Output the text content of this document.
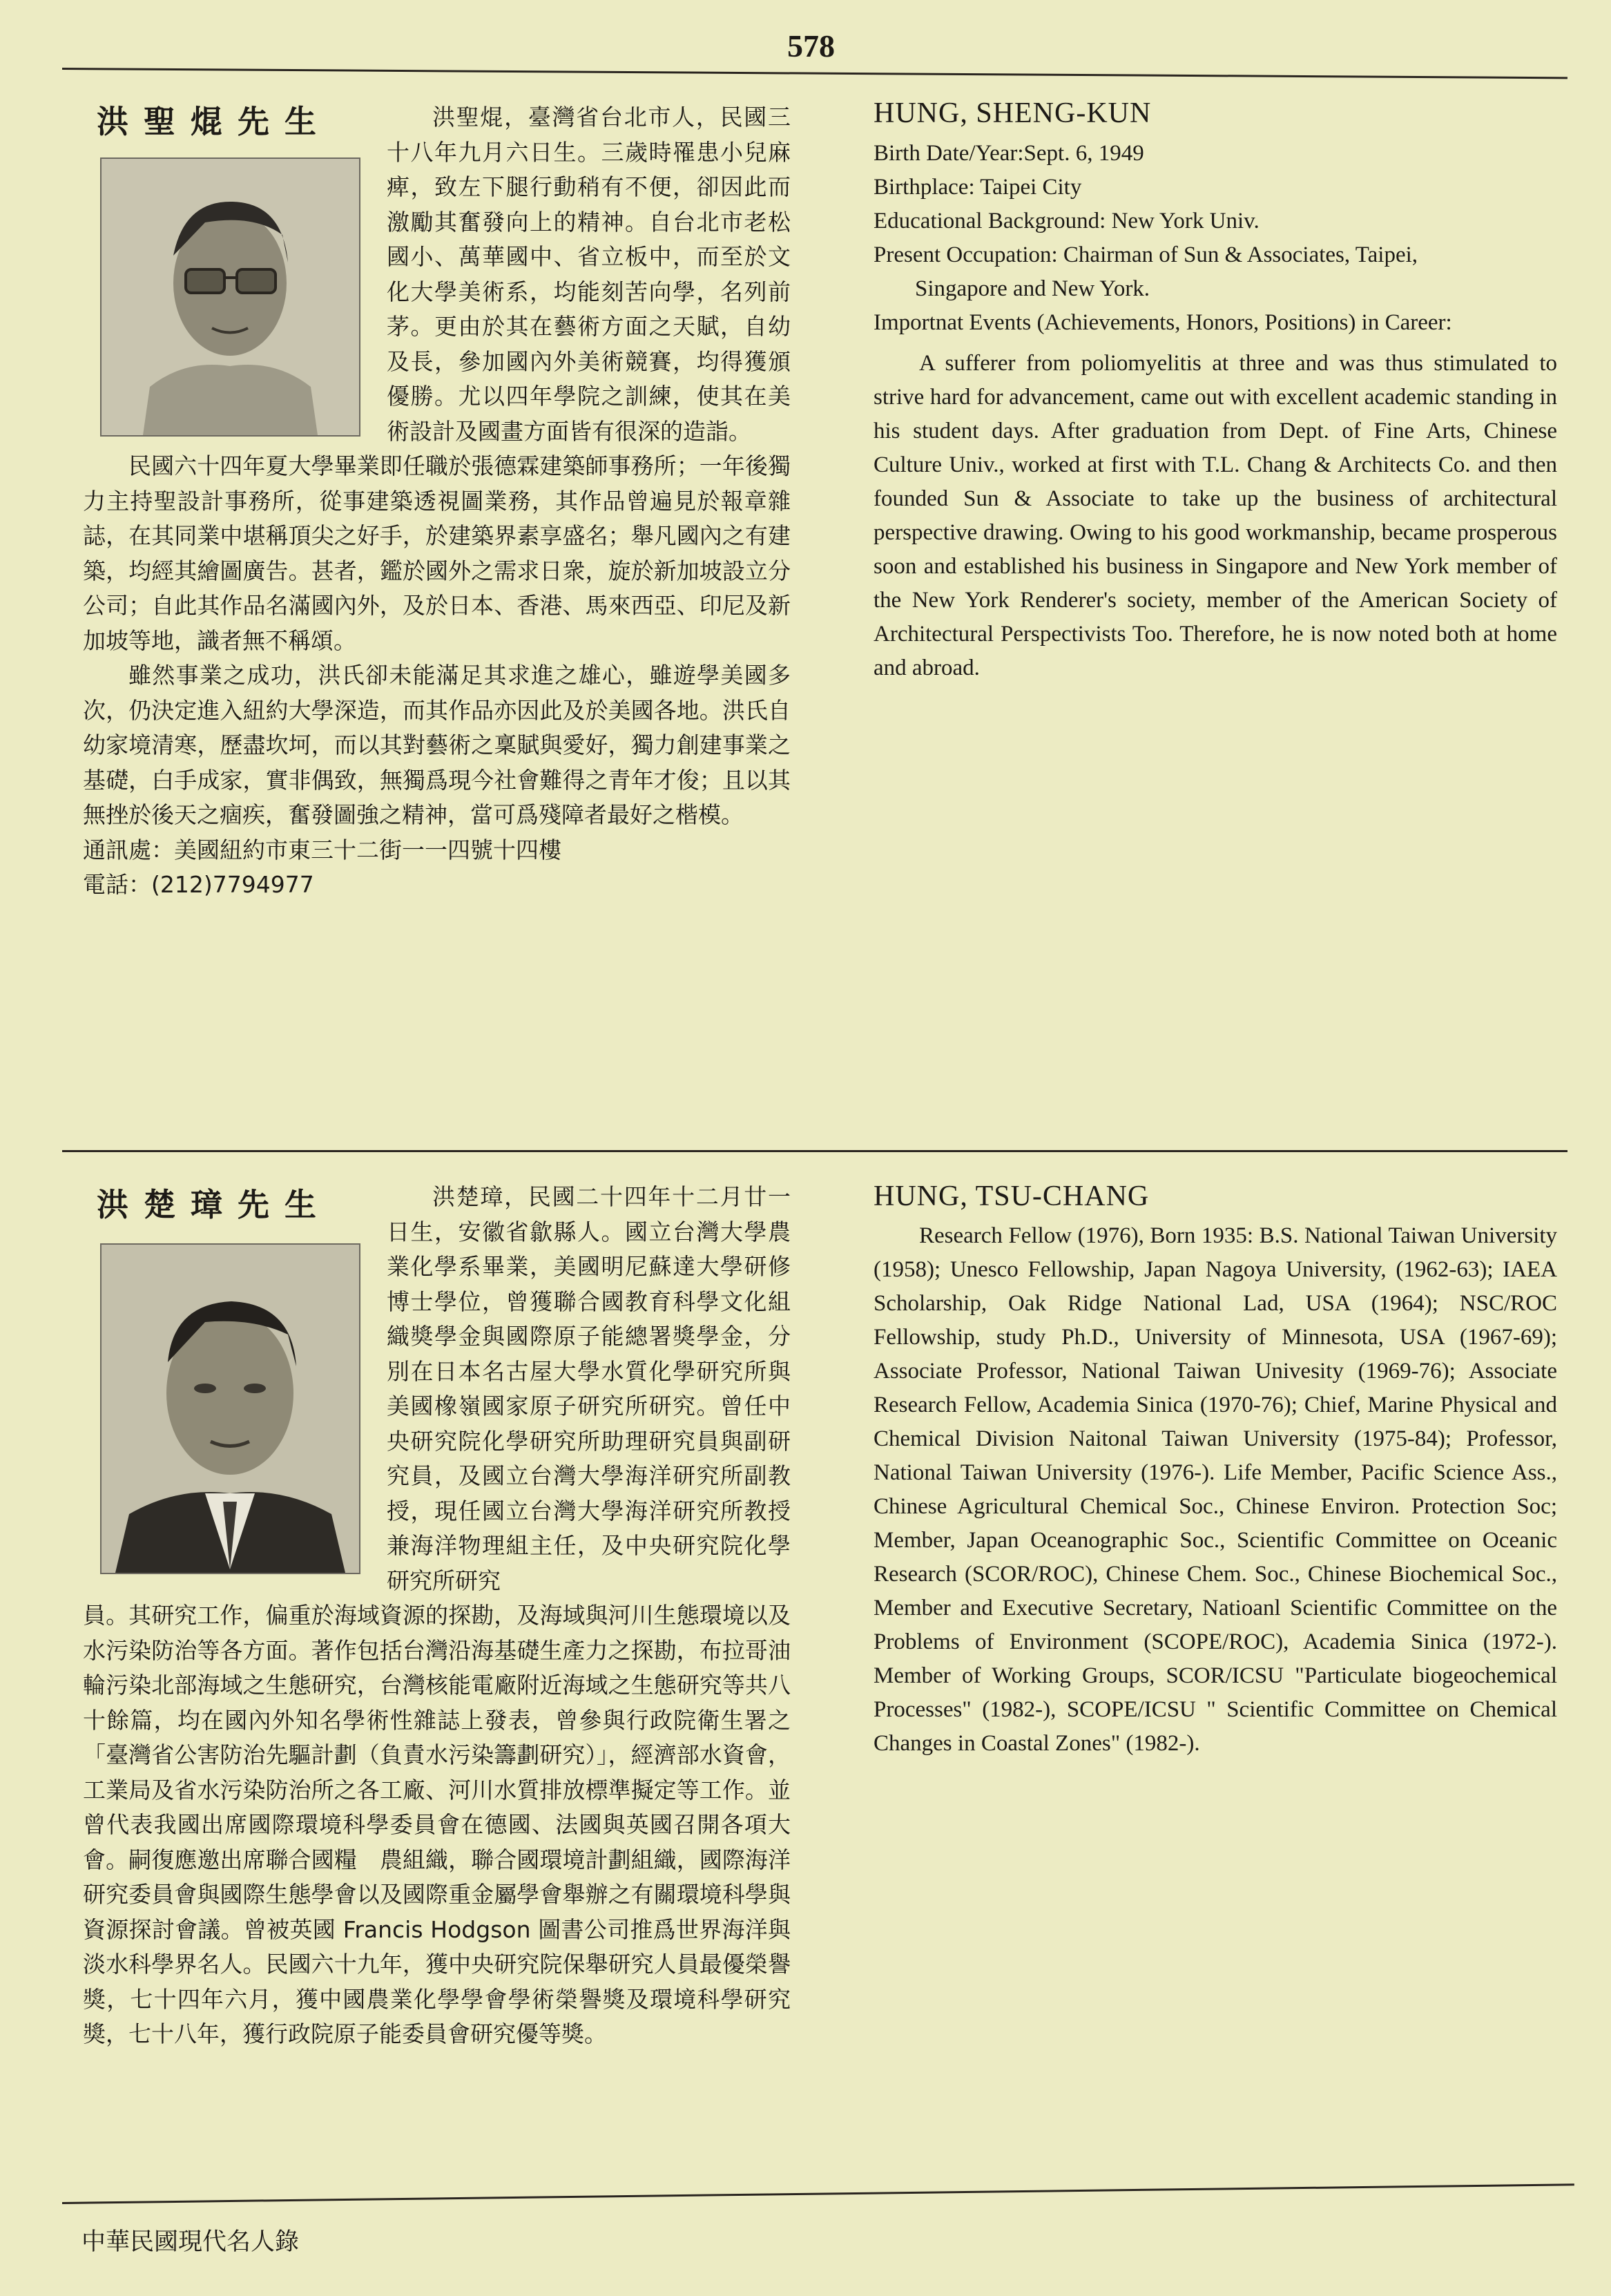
578
洪聖焜先生	洪聖焜，臺灣省台北市人，民國三十八年九月六日生。三歲時罹患小兒麻痺，致左下腿行動稍有不便，卻因此而激勵其奮發向上的精神。自台北市老松國小、萬華國中、省立板中，而至於文化大學美術系，均能刻苦向學，名列前茅。更由於其在藝術方面之天賦，自幼及長，參加國內外美術競賽，均得獲頒優勝。尤以四年學院之訓練，使其在美術設計及國畫方面皆有很深的造詣。

民國六十四年夏大學畢業即任職於張德霖建築師事務所；一年後獨力主持聖設計事務所，從事建築透視圖業務，其作品曾遍見於報章雜誌，在其同業中堪稱頂尖之好手，於建築界素享盛名；舉凡國內之有建築，均經其繪圖廣告。甚者，鑑於國外之需求日衆，旋於新加坡設立分公司；自此其作品名滿國內外，及於日本、香港、馬來西亞、印尼及新加坡等地，識者無不稱頌。

雖然事業之成功，洪氏卻未能滿足其求進之雄心，雖遊學美國多次，仍決定進入紐約大學深造，而其作品亦因此及於美國各地。洪氏自幼家境清寒，歷盡坎坷，而以其對藝術之稟賦與愛好，獨力創建事業之基礎，白手成家，實非偶致，無獨爲現今社會難得之青年才俊；且以其無挫於後天之痼疾，奮發圖強之精神，當可爲殘障者最好之楷模。

通訊處：美國紐約市東三十二街一一四號十四樓

電話：(212)7794977

HUNG, SHENG-KUN

Birth Date/Year:Sept. 6, 1949

Birthplace: Taipei City

Educational Background: New York Univ.

Present Occupation: Chairman of Sun & Associates, Taipei,

Singapore and New York.

Importnat Events (Achievements, Honors, Positions) in Career:

A sufferer from poliomyelitis at three and was thus stimulated to strive hard for advancement, came out with excellent academic standing in his student days. After graduation from Dept. of Fine Arts, Chinese Culture Univ., worked at first with T.L. Chang & Architects Co. and then founded Sun & Associate to take up the business of architectural perspective drawing. Owing to his good workmanship, became prosperous soon and established his business in Singapore and New York member of the New York Renderer's society, member of the American Society of Architectural Perspectivists Too. Therefore, he is now noted both at home and abroad.

洪楚璋先生	洪楚璋，民國二十四年十二月廿一日生，安徽省歙縣人。國立台灣大學農業化學系畢業，美國明尼蘇達大學研修博士學位，曾獲聯合國教育科學文化組織獎學金與國際原子能總署獎學金，分別在日本名古屋大學水質化學研究所與美國橡嶺國家原子研究所研究。曾任中央研究院化學研究所助理研究員與副研究員，及國立台灣大學海洋研究所副教授，現任國立台灣大學海洋研究所教授兼海洋物理組主任，及中央研究院化學研究所研究

員。其研究工作，偏重於海域資源的探勘，及海域與河川生態環境以及水污染防治等各方面。著作包括台灣沿海基礎生產力之探勘，布拉哥油輪污染北部海域之生態研究，台灣核能電廠附近海域之生態研究等共八十餘篇，均在國內外知名學術性雜誌上發表，曾參與行政院衛生署之「臺灣省公害防治先驅計劃（負責水污染籌劃研究）」，經濟部水資會，工業局及省水污染防治所之各工廠、河川水質排放標準擬定等工作。並曾代表我國出席國際環境科學委員會在德國、法國與英國召開各項大會。嗣復應邀出席聯合國糧　農組織，聯合國環境計劃組織，國際海洋研究委員會與國際生態學會以及國際重金屬學會舉辦之有關環境科學與資源探討會議。曾被英國 Francis Hodgson 圖書公司推爲世界海洋與淡水科學界名人。民國六十九年，獲中央研究院保舉研究人員最優榮譽獎，七十四年六月，獲中國農業化學學會學術榮譽獎及環境科學研究獎，七十八年，獲行政院原子能委員會研究優等獎。

HUNG, TSU-CHANG

Research Fellow (1976), Born 1935: B.S. National Taiwan University (1958); Unesco Fellowship, Japan Nagoya University, (1962-63); IAEA Scholarship, Oak Ridge National Lad, USA (1964); NSC/ROC Fellowship, study Ph.D., University of Minnesota, USA (1967-69); Associate Professor, National Taiwan Univesity (1969-76); Associate Research Fellow, Academia Sinica (1970-76); Chief, Marine Physical and Chemical Division Naitonal Taiwan University (1975-84); Professor, National Taiwan University (1976-). Life Member, Pacific Science Ass., Chinese Agricultural Chemical Soc., Chinese Environ. Protection Soc; Member, Japan Oceanographic Soc., Scientific Committee on Oceanic Research (SCOR/ROC), Chinese Chem. Soc., Chinese Biochemical Soc., Member and Executive Secretary, Natioanl Scientific Committee on the Problems of Environment (SCOPE/ROC), Academia Sinica (1972-). Member of Working Groups, SCOR/ICSU "Particulate biogeochemical Processes" (1982-), SCOPE/ICSU " Scientific Committee on Chemical Changes in Coastal Zones" (1982-).

中華民國現代名人錄
